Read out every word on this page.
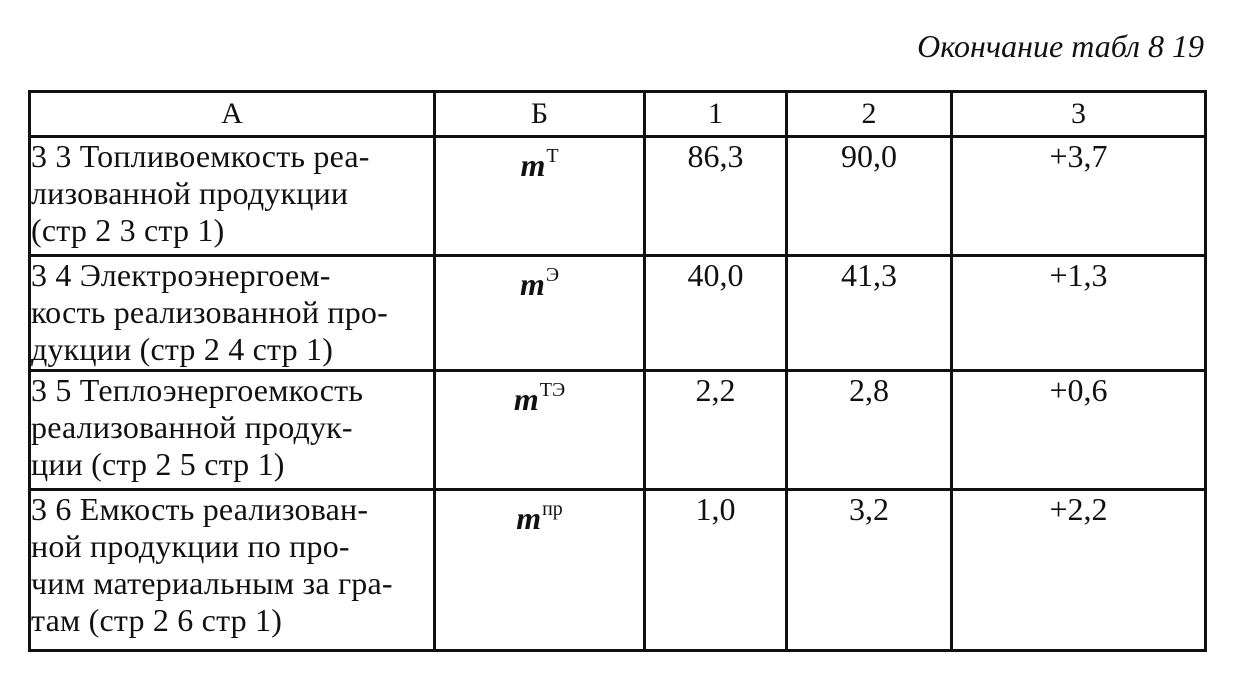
Окончание табл 8 19
А	Б	1	2	3

3 3 Топливоемкость реа-
лизованной продукции
(стр 2 3 стр 1)	$m^Т$	86,3	90,0	+3,7

3 4 Электроэнергоем-
кость реализованной про-
дукции (стр 2 4 стр 1)	$m^Э$	40,0	41,3	+1,3

3 5 Теплоэнергоемкость
реализованной продук-
ции (стр 2 5 стр 1)	$m^{ТЭ}$	2,2	2,8	+0,6

3 6 Емкость реализован-
ной продукции по про-
чим материальным за гра-
там (стр 2 6 стр 1)	$m^{пр}$	1,0	3,2	+2,2
